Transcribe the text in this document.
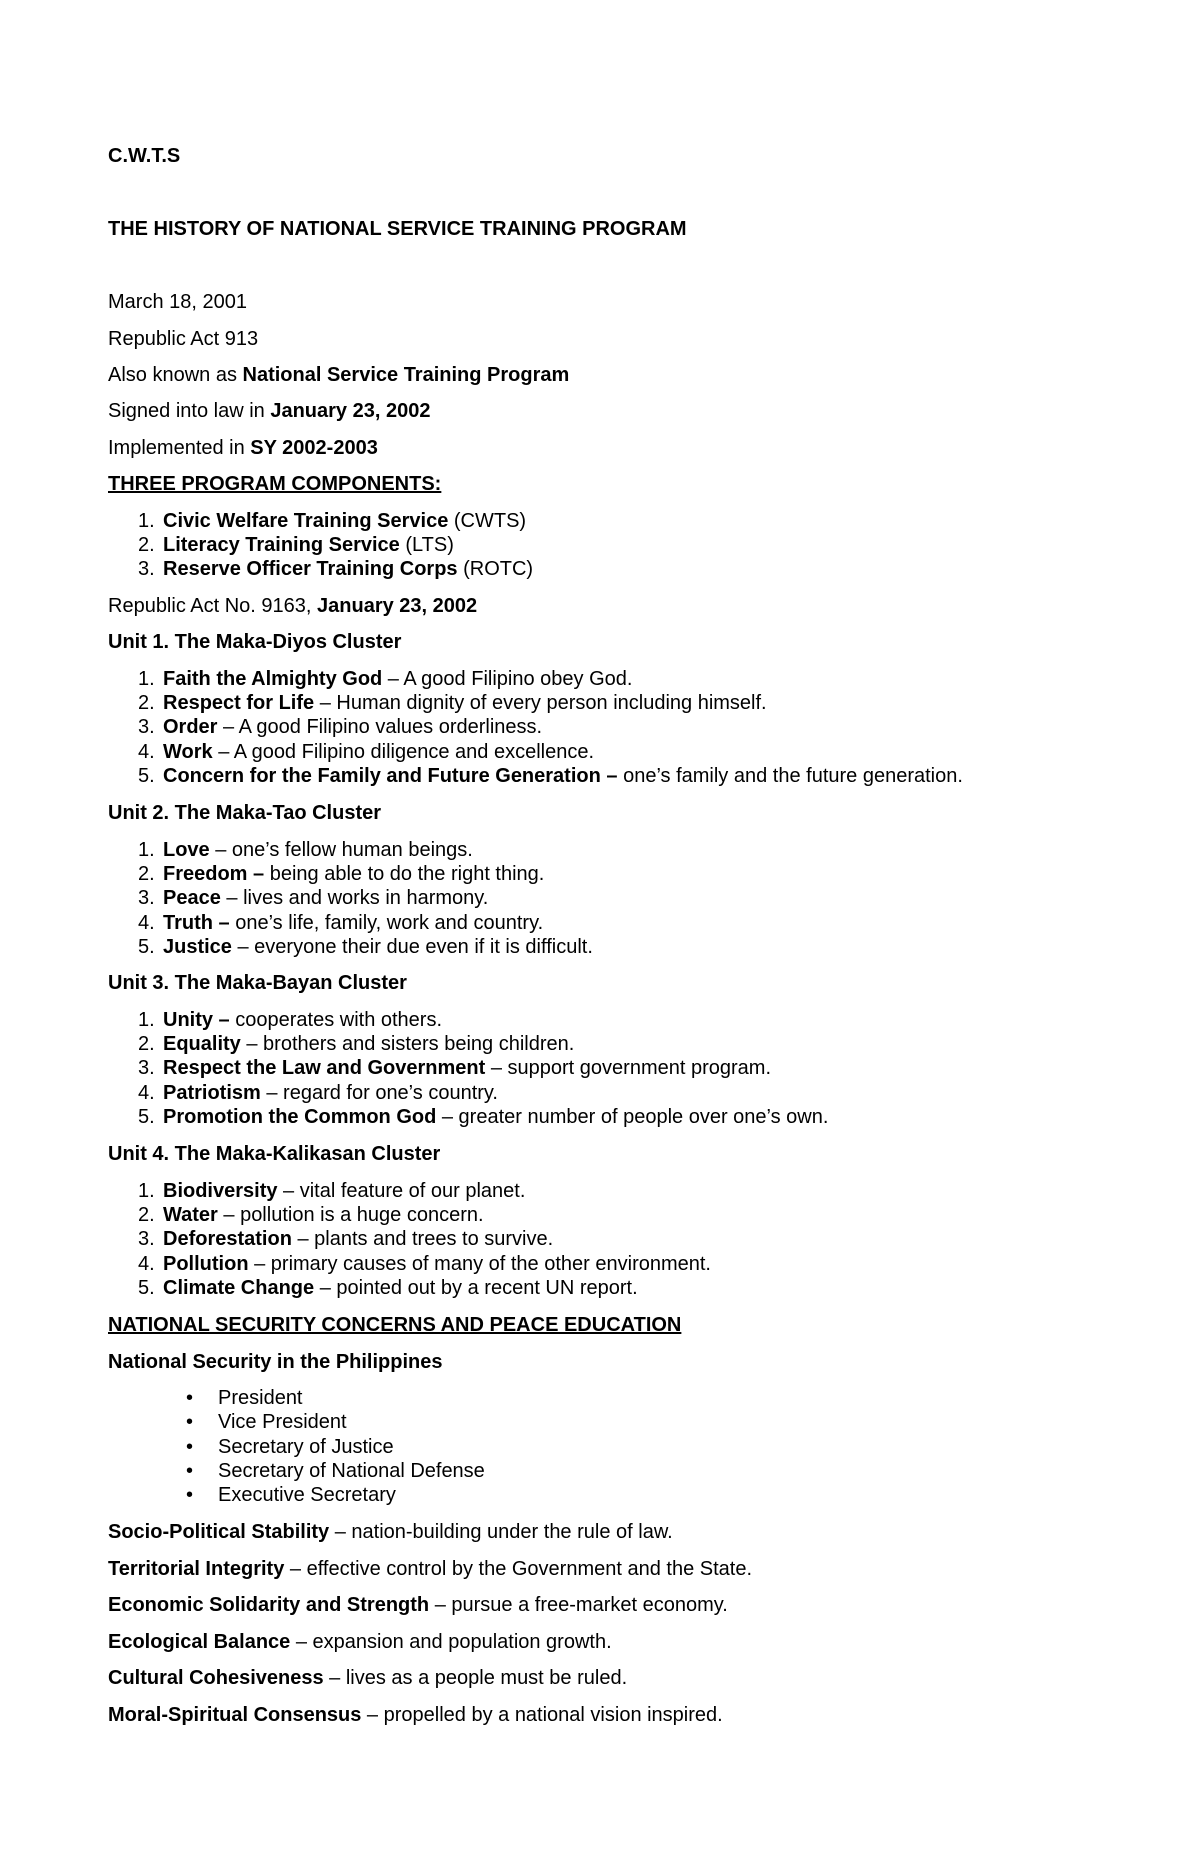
C.W.T.S
THE HISTORY OF NATIONAL SERVICE TRAINING PROGRAM
March 18, 2001
Republic Act 913
Also known as National Service Training Program
Signed into law in January 23, 2002
Implemented in SY 2002-2003
THREE PROGRAM COMPONENTS:
1. Civic Welfare Training Service (CWTS)
2. Literacy Training Service (LTS)
3. Reserve Officer Training Corps (ROTC)
Republic Act No. 9163, January 23, 2002
Unit 1. The Maka-Diyos Cluster
1. Faith the Almighty God – A good Filipino obey God.
2. Respect for Life – Human dignity of every person including himself.
3. Order – A good Filipino values orderliness.
4. Work – A good Filipino diligence and excellence.
5. Concern for the Family and Future Generation – one’s family and the future generation.
Unit 2. The Maka-Tao Cluster
1. Love – one’s fellow human beings.
2. Freedom – being able to do the right thing.
3. Peace – lives and works in harmony.
4. Truth – one’s life, family, work and country.
5. Justice – everyone their due even if it is difficult.
Unit 3. The Maka-Bayan Cluster
1. Unity – cooperates with others.
2. Equality – brothers and sisters being children.
3. Respect the Law and Government – support government program.
4. Patriotism – regard for one’s country.
5. Promotion the Common God – greater number of people over one’s own.
Unit 4. The Maka-Kalikasan Cluster
1. Biodiversity – vital feature of our planet.
2. Water – pollution is a huge concern.
3. Deforestation – plants and trees to survive.
4. Pollution – primary causes of many of the other environment.
5. Climate Change – pointed out by a recent UN report.
NATIONAL SECURITY CONCERNS AND PEACE EDUCATION
National Security in the Philippines
• President
• Vice President
• Secretary of Justice
• Secretary of National Defense
• Executive Secretary
Socio-Political Stability – nation-building under the rule of law.
Territorial Integrity – effective control by the Government and the State.
Economic Solidarity and Strength – pursue a free-market economy.
Ecological Balance – expansion and population growth.
Cultural Cohesiveness – lives as a people must be ruled.
Moral-Spiritual Consensus – propelled by a national vision inspired.
